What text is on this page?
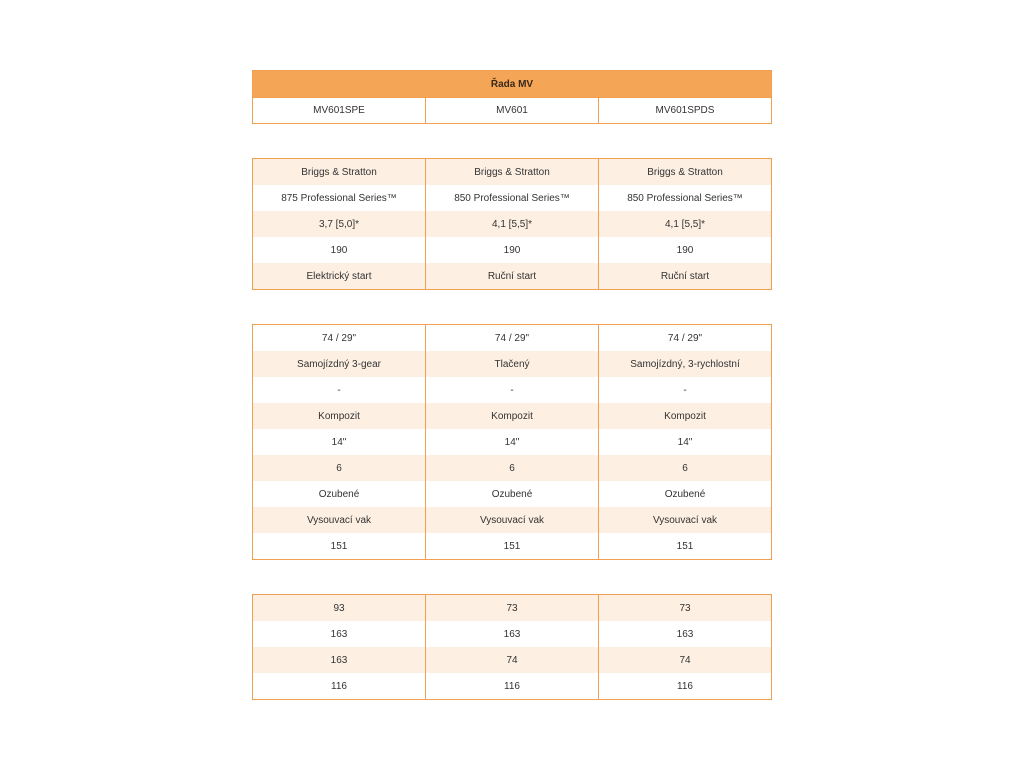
Řada MV
MV601SPE	MV601	MV601SPDS
Briggs & Stratton	Briggs & Stratton	Briggs & Stratton
875 Professional Series™	850 Professional Series™	850 Professional Series™
3,7 [5,0]*	4,1 [5,5]*	4,1 [5,5]*
190	190	190
Elektrický start	Ruční start	Ruční start
74 / 29"	74 / 29"	74 / 29"
Samojízdný 3-gear	Tlačený	Samojízdný, 3-rychlostní
-	-	-
Kompozit	Kompozit	Kompozit
14"	14"	14"
6	6	6
Ozubené	Ozubené	Ozubené
Vysouvací vak	Vysouvací vak	Vysouvací vak
151	151	151
93	73	73
163	163	163
163	74	74
116	116	116
